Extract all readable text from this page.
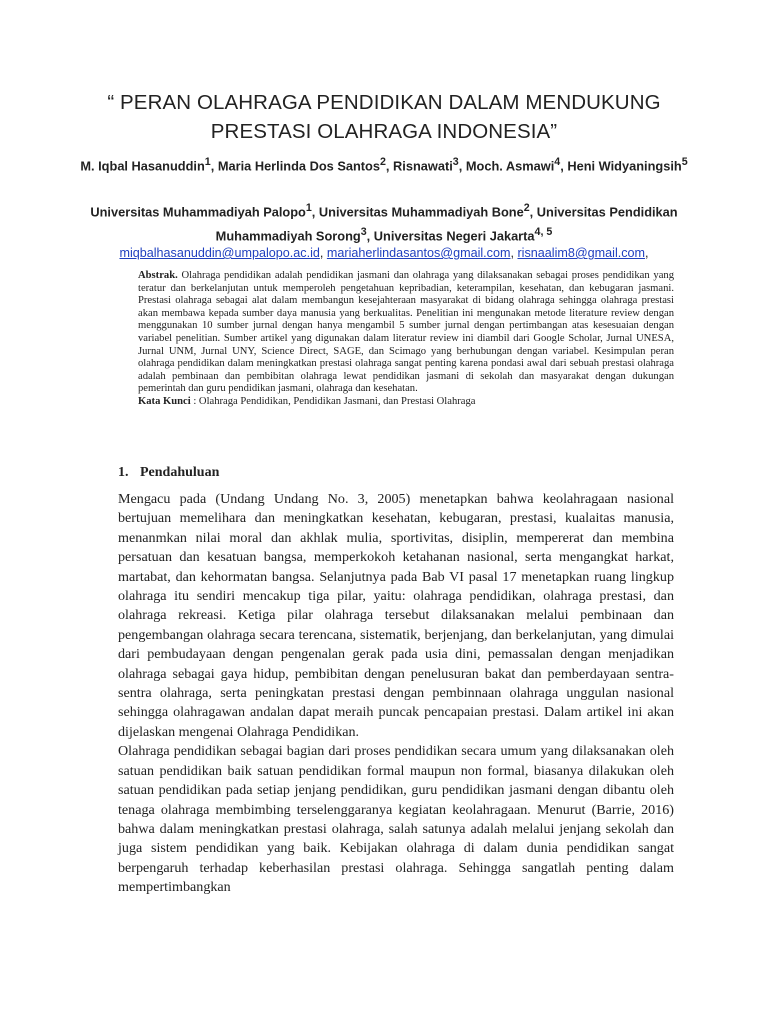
“ PERAN OLAHRAGA PENDIDIKAN DALAM MENDUKUNG
PRESTASI OLAHRAGA INDONESIA”
M. Iqbal Hasanuddin$^1$, Maria Herlinda Dos Santos$^2$, Risnawati$^3$, Moch. Asmawi$^4$, Heni Widyaningsih$^5$
Universitas Muhammadiyah Palopo$^1$, Universitas Muhammadiyah Bone$^2$, Universitas Pendidikan Muhammadiyah Sorong$^3$, Universitas Negeri Jakarta$^{4, 5}$
miqbalhasanuddin@umpalopo.ac.id, mariaherlindasantos@gmail.com, risnaalim8@gmail.com,

Abstrak. Olahraga pendidikan adalah pendidikan jasmani dan olahraga yang dilaksanakan sebagai proses pendidikan yang teratur dan berkelanjutan untuk memperoleh pengetahuan kepribadian, keterampilan, kesehatan, dan kebugaran jasmani. Prestasi olahraga sebagai alat dalam membangun kesejahteraan masyarakat di bidang olahraga sehingga olahraga prestasi akan membawa kepada sumber daya manusia yang berkualitas. Penelitian ini mengunakan metode literature review dengan menggunakan 10 sumber jurnal dengan hanya mengambil 5 sumber jurnal dengan pertimbangan atas kesesuaian dengan variabel penelitian. Sumber artikel yang digunakan dalam literatur review ini diambil dari Google Scholar, Jurnal UNESA, Jurnal UNM, Jurnal UNY, Science Direct, SAGE, dan Scimago yang berhubungan dengan variabel. Kesimpulan peran olahraga pendidikan dalam meningkatkan prestasi olahraga sangat penting karena pondasi awal dari sebuah prestasi olahraga adalah pembinaan dan pembibitan olahraga lewat pendidikan jasmani di sekolah dan masyarakat dengan dukungan pemerintah dan guru pendidikan jasmani, olahraga dan kesehatan.

Kata Kunci : Olahraga Pendidikan, Pendidikan Jasmani, dan Prestasi Olahraga

1. Pendahuluan

Mengacu pada (Undang Undang No. 3, 2005) menetapkan bahwa keolahragaan nasional bertujuan memelihara dan meningkatkan kesehatan, kebugaran, prestasi, kualaitas manusia, menanmkan nilai moral dan akhlak mulia, sportivitas, disiplin, mempererat dan membina persatuan dan kesatuan bangsa, memperkokoh ketahanan nasional, serta mengangkat harkat, martabat, dan kehormatan bangsa. Selanjutnya pada Bab VI pasal 17 menetapkan ruang lingkup olahraga itu sendiri mencakup tiga pilar, yaitu: olahraga pendidikan, olahraga prestasi, dan olahraga rekreasi. Ketiga pilar olahraga tersebut dilaksanakan melalui pembinaan dan pengembangan olahraga secara terencana, sistematik, berjenjang, dan berkelanjutan, yang dimulai dari pembudayaan dengan pengenalan gerak pada usia dini, pemassalan dengan menjadikan olahraga sebagai gaya hidup, pembibitan dengan penelusuran bakat dan pemberdayaan sentra-sentra olahraga, serta peningkatan prestasi dengan pembinnaan olahraga unggulan nasional sehingga olahragawan andalan dapat meraih puncak pencapaian prestasi. Dalam artikel ini akan dijelaskan mengenai Olahraga Pendidikan.

Olahraga pendidikan sebagai bagian dari proses pendidikan secara umum yang dilaksanakan oleh satuan pendidikan baik satuan pendidikan formal maupun non formal, biasanya dilakukan oleh satuan pendidikan pada setiap jenjang pendidikan, guru pendidikan jasmani dengan dibantu oleh tenaga olahraga membimbing terselenggaranya kegiatan keolahragaan. Menurut (Barrie, 2016) bahwa dalam meningkatkan prestasi olahraga, salah satunya adalah melalui jenjang sekolah dan juga sistem pendidikan yang baik. Kebijakan olahraga di dalam dunia pendidikan sangat berpengaruh terhadap keberhasilan prestasi olahraga. Sehingga sangatlah penting dalam mempertimbangkan
